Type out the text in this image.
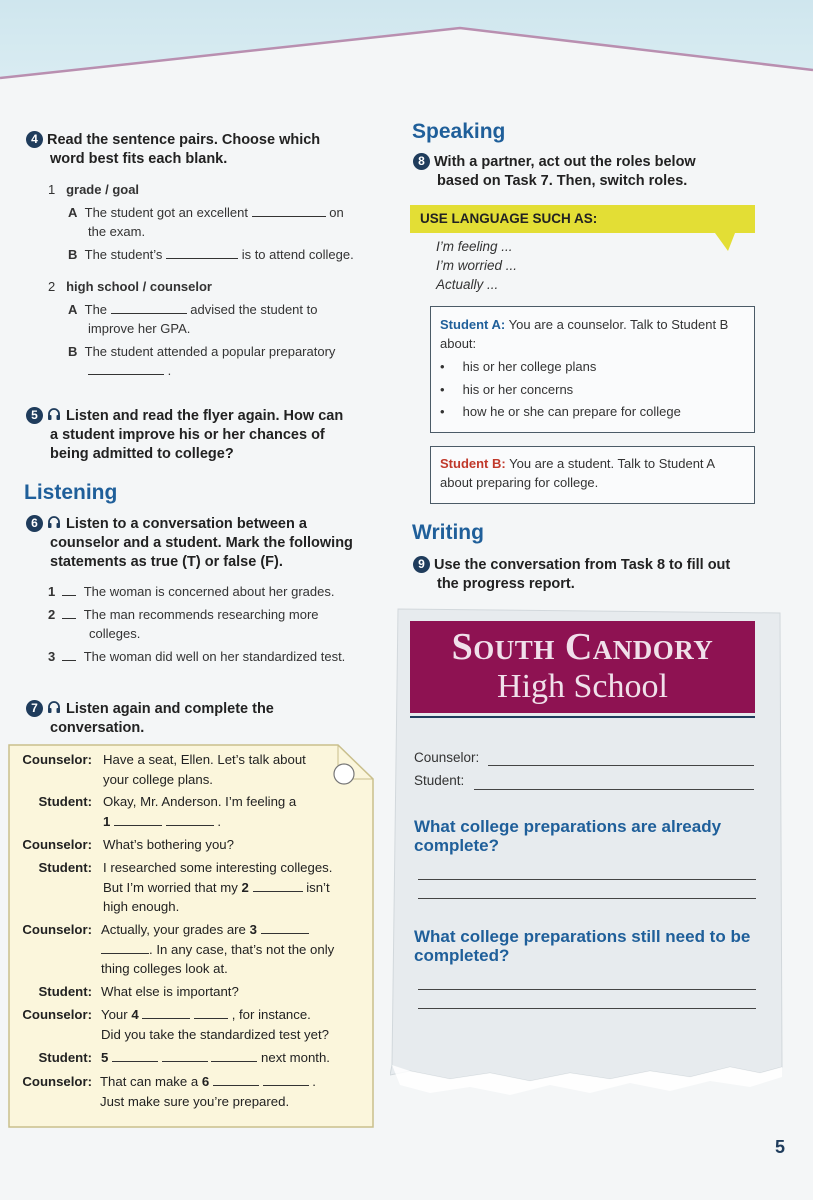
4 Read the sentence pairs. Choose which
word best fits each blank.
1 grade / goal
A The student got an excellent	on
the exam.
B The student’s	is to attend college.
2 high school / counselor
A The	advised the student to
improve her GPA.
B The student attended a popular preparatory
.
5 Listen and read the flyer again. How can
a student improve his or her chances of
being admitted to college?
Listening
6 Listen to a conversation between a
counselor and a student. Mark the following
statements as true (T) or false (F).
1 The woman is concerned about her grades.
2 The man recommends researching more
colleges.
3 The woman did well on her standardized test.
7 Listen again and complete the
conversation.
Counselor: Have a seat, Ellen. Let’s talk about
your college plans.
Student: Okay, Mr. Anderson. I’m feeling a
1	.
Counselor: What’s bothering you?
Student: I researched some interesting colleges.
But I’m worried that my 2	isn’t
high enough.
Counselor: Actually, your grades are 3
. In any case, that’s not the only
thing colleges look at.
Student: What else is important?
Counselor: Your 4	, for instance.
Did you take the standardized test yet?
Student: 5	next month.
Counselor: That can make a 6	.
Just make sure you’re prepared.
Speaking
8 With a partner, act out the roles below
based on Task 7. Then, switch roles.
USE LANGUAGE SUCH AS:
I’m feeling ...
I’m worried ...
Actually ...
Student A: You are a counselor. Talk to Student B
about:
•     his or her college plans
•     his or her concerns
•     how he or she can prepare for college
Student B: You are a student. Talk to Student A
about preparing for college.
Writing
9 Use the conversation from Task 8 to fill out
the progress report.
South Candory
High School
Counselor:
Student:
What college preparations are already
complete?
What college preparations still need to be
completed?
5
